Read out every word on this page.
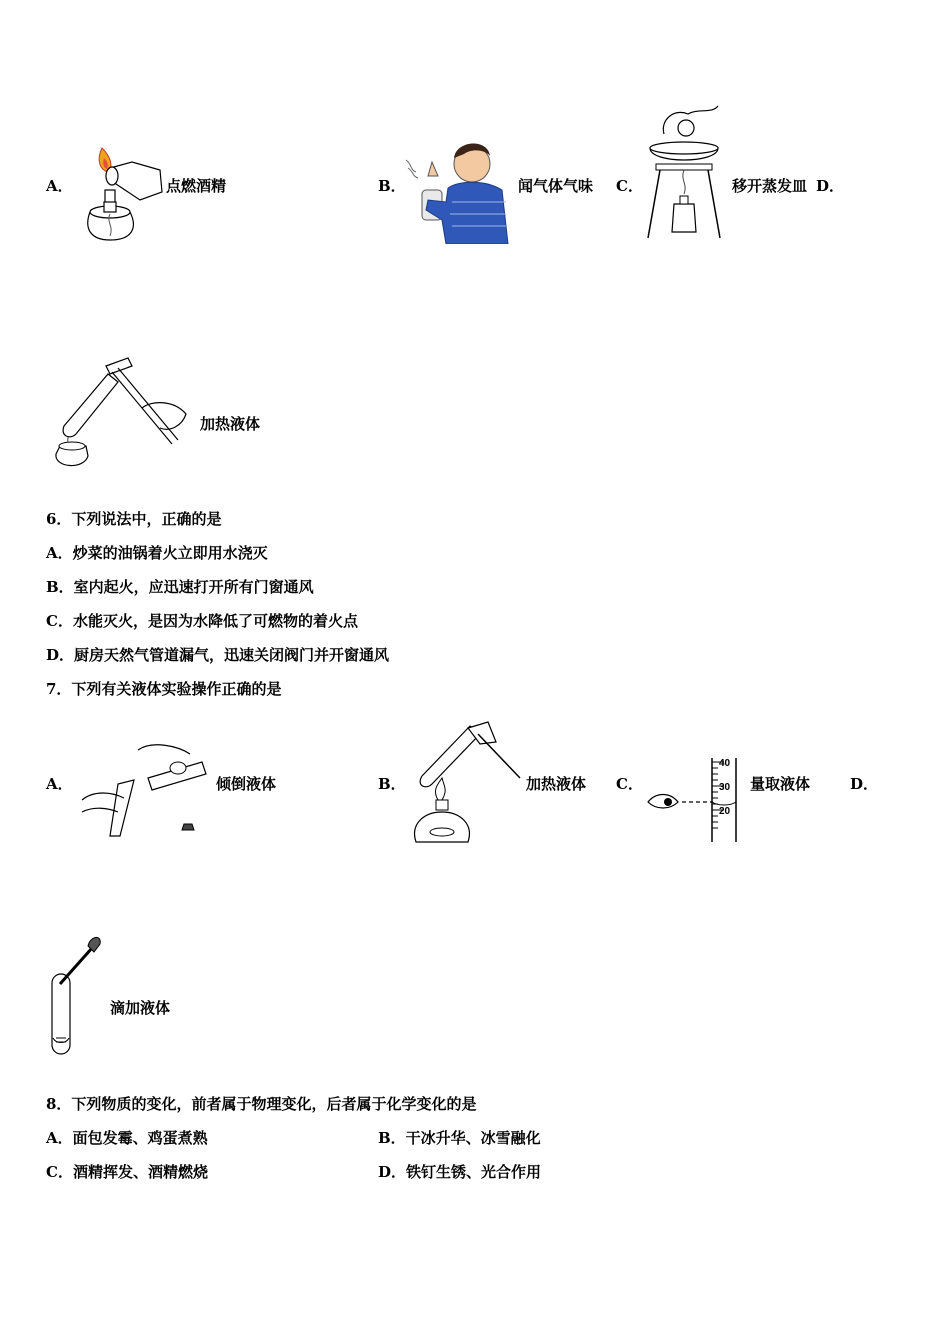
A．	点燃酒精	B．	闻气体气味 C．	移开蒸发皿 D．
加热液体
6．下列说法中，正确的是
A．炒菜的油锅着火立即用水浇灭
B．室内起火，应迅速打开所有门窗通风
C．水能灭火，是因为水降低了可燃物的着火点
D．厨房天然气管道漏气，迅速关闭阀门并开窗通风
7．下列有关液体实验操作正确的是
A．	倾倒液体	B．	加热液体 C．
40
30
20
量取液体	D．
滴加液体
8．下列物质的变化，前者属于物理变化，后者属于化学变化的是
A．面包发霉、鸡蛋煮熟	B．干冰升华、冰雪融化
C．酒精挥发、酒精燃烧	D．铁钉生锈、光合作用
